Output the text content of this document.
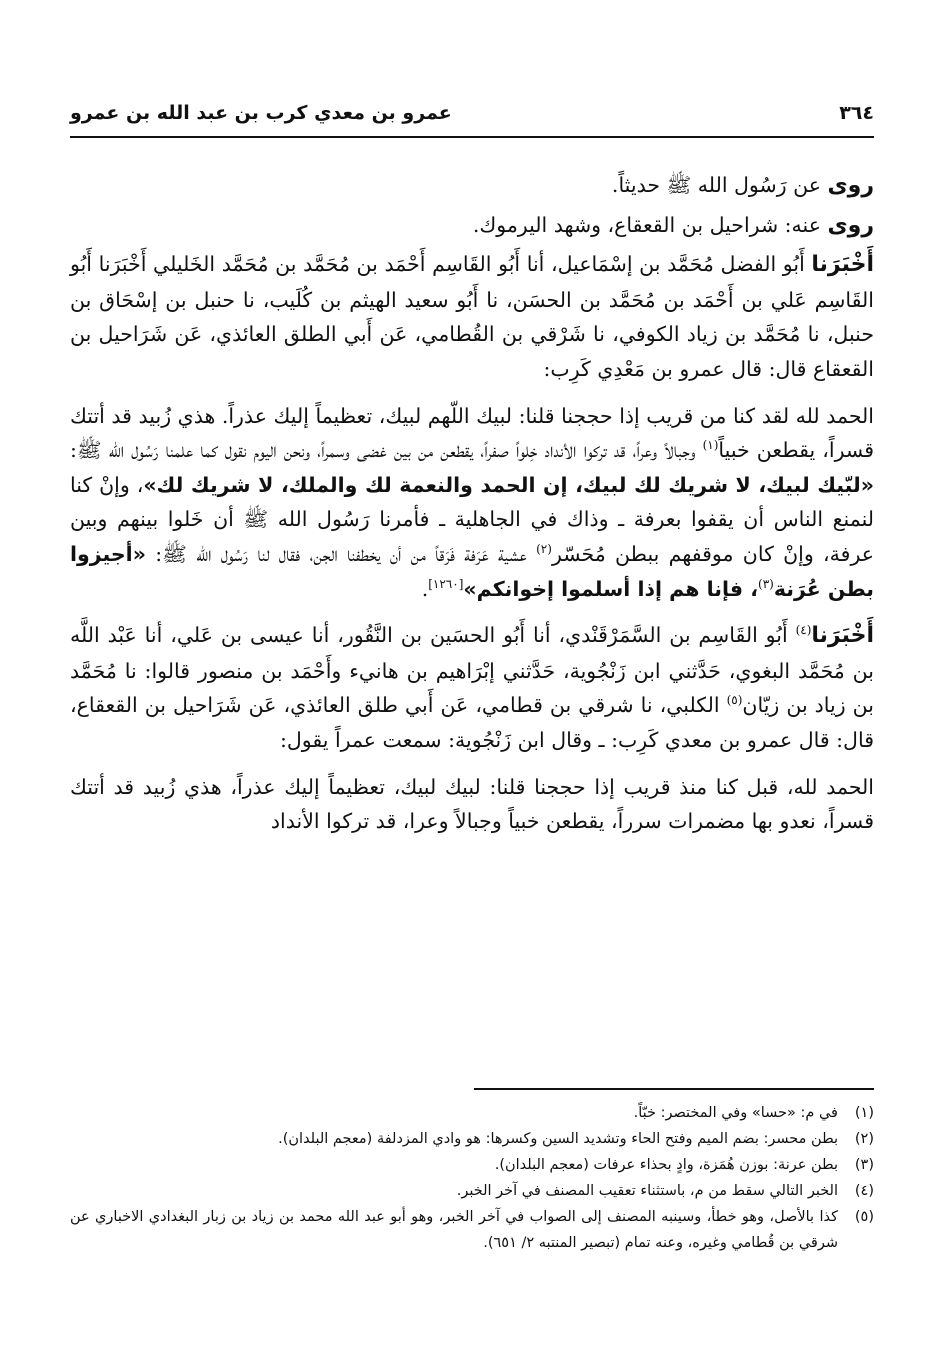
٣٦٤
عمرو بن معدي كرب بن عبد الله بن عمرو

روى عن رَسُول الله ﷺ حديثاً.

روى عنه: شراحيل بن القعقاع، وشهد اليرموك.

أَخْبَرَنا أَبُو الفضل مُحَمَّد بن إسْمَاعيل، أنا أَبُو القَاسِم أَحْمَد بن مُحَمَّد بن مُحَمَّد الخَليلي أَخْبَرَنا أَبُو القَاسِم عَلي بن أَحْمَد بن مُحَمَّد بن الحسَن، نا أَبُو سعيد الهيثم بن كُلَيب، نا حنبل بن إسْحَاق بن حنبل، نا مُحَمَّد بن زياد الكوفي، نا شَرْقي بن القُطامي، عَن أَبي الطلق العائذي، عَن شَرَاحيل بن القعقاع قال: قال عمرو بن مَعْدِي كَرِب:

الحمد لله لقد كنا من قريب إذا حججنا قلنا: لبيك اللّهم لبيك، تعظيماً إليك عذراً. هذي زُبيد قد أتتك قسراً، يقطعن خبياً$^{(١)}$ وجبالاً وعراً، قد تركوا الأنداد خِلواً صفراً، يقطعن من بين غضى وسمراً، ونحن اليوم نقول كما علمنا رَسُول الله ﷺ: «لبّيك لبيك، لا شريك لك لبيك، إن الحمد والنعمة لك والملك، لا شريك لك»، وإنْ كنا لنمنع الناس أن يقفوا بعرفة ـ وذاك في الجاهلية ـ فأمرنا رَسُول الله ﷺ أن خَلوا بينهم وبين عرفة، وإنْ كان موقفهم ببطن مُحَسّر$^{(٢)}$ عشية عَرَفة فَرَقاً من أن يخطفنا الجن، فقال لنا رَسُول الله ﷺ: «أجيزوا بطن عُرَنة$^{(٣)}$، فإنا هم إذا أسلموا إخوانكم»[١٢٦٠].

أَخْبَرَنا$^{(٤)}$ أَبُو القَاسِم بن السَّمَرْقَنْدي، أنا أَبُو الحسَين بن النَّقُور، أنا عيسى بن عَلي، أنا عَبْد اللَّه بن مُحَمَّد البغوي، حَدَّثني ابن زَنْجُوية، حَدَّثني إبْرَاهيم بن هانيء وأَحْمَد بن منصور قالوا: نا مُحَمَّد بن زياد بن زيّان$^{(٥)}$ الكلبي، نا شرقي بن قطامي، عَن أَبي طلق العائذي، عَن شَرَاحيل بن القعقاع، قال: قال عمرو بن معدي كَرِب: ـ وقال ابن زَنْجُوية: سمعت عمراً يقول:

الحمد لله، قبل كنا منذ قريب إذا حججنا قلنا: لبيك لبيك، تعظيماً إليك عذراً، هذي زُبيد قد أتتك قسراً، نعدو بها مضمرات سرراً، يقطعن خبياً وجبالاً وعرا، قد تركوا الأنداد

(١)
في م: «حسا» وفي المختصر: خبّاً.
(٢)
بطن محسر: بضم الميم وفتح الحاء وتشديد السين وكسرها: هو وادي المزدلفة (معجم البلدان).
(٣)
بطن عرنة: بوزن هُمَزة، وادٍ بحذاء عرفات (معجم البلدان).
(٤)
الخبر التالي سقط من م، باستثناء تعقيب المصنف في آخر الخبر.
(٥)
كذا بالأصل، وهو خطأ، وسينبه المصنف إلى الصواب في آخر الخبر، وهو أبو عبد الله محمد بن زياد بن زبار البغدادي الاخباري عن شرقي بن قُطامي وغيره، وعنه تمام (تبصير المنتبه ٢/ ٦٥١).
